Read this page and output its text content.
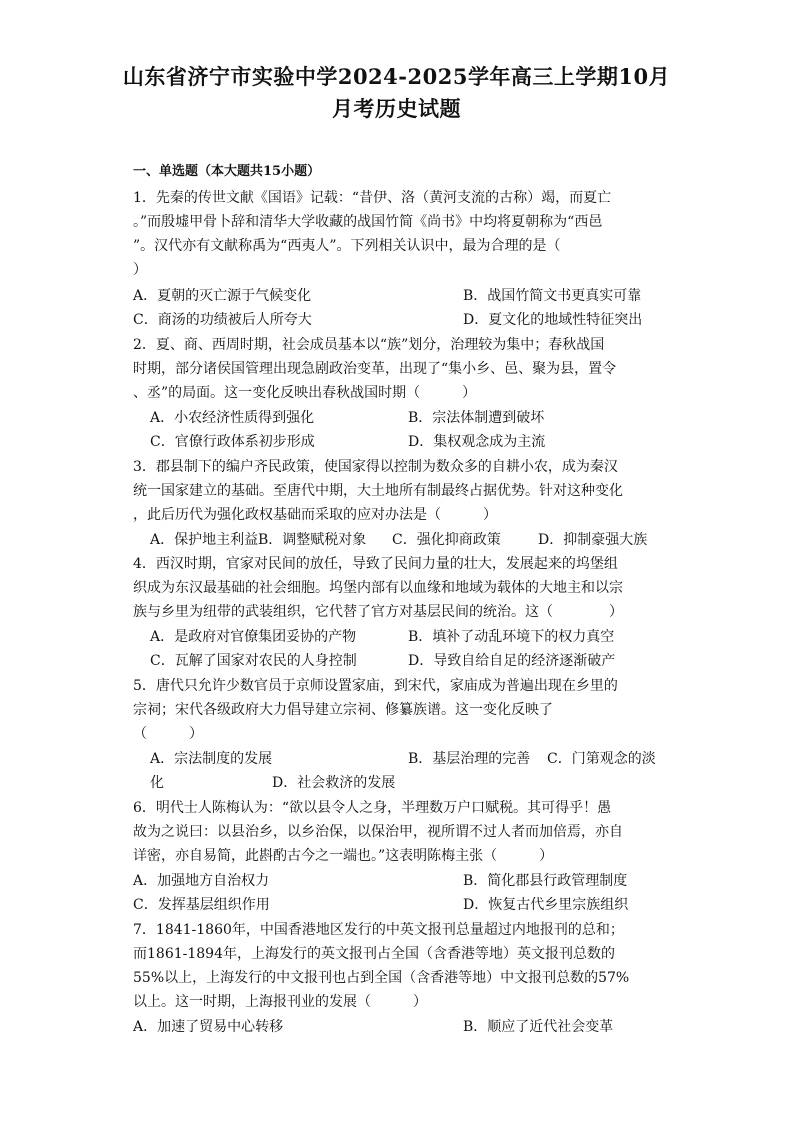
山东省济宁市实验中学2024-2025学年高三上学期10月
月考历史试题
一、单选题（本大题共15小题）
1．先秦的传世文献《国语》记载：“昔伊、洛（黄河支流的古称）竭，而夏亡
。”而殷墟甲骨卜辞和清华大学收藏的战国竹简《尚书》中均将夏朝称为“西邑
”。汉代亦有文献称禹为“西夷人”。下列相关认识中，最为合理的是（
）
A．夏朝的灭亡源于气候变化	B．战国竹简文书更真实可靠
C．商汤的功绩被后人所夸大	D．夏文化的地域性特征突出
2．夏、商、西周时期，社会成员基本以“族”划分，治理较为集中；春秋战国
时期，部分诸侯国管理出现急剧政治变革，出现了“集小乡、邑、聚为县，置令
、丞”的局面。这一变化反映出春秋战国时期（　　　）
A．小农经济性质得到强化	B．宗法体制遭到破坏
C．官僚行政体系初步形成	D．集权观念成为主流
3．郡县制下的编户齐民政策，使国家得以控制为数众多的自耕小农，成为秦汉
统一国家建立的基础。至唐代中期，大土地所有制最终占据优势。针对这种变化
，此后历代为强化政权基础而采取的应对办法是（　　　）
A．保护地主利益 B．调整赋税对象 C．强化抑商政策	D．抑制豪强大族
4．西汉时期，官家对民间的放任，导致了民间力量的壮大，发展起来的坞堡组
织成为东汉最基础的社会细胞。坞堡内部有以血缘和地域为载体的大地主和以宗
族与乡里为纽带的武装组织，它代替了官方对基层民间的统治。这（　　　　）
A．是政府对官僚集团妥协的产物	B．填补了动乱环境下的权力真空
C．瓦解了国家对农民的人身控制	D．导致自给自足的经济逐渐破产
5．唐代只允许少数官员于京师设置家庙，到宋代，家庙成为普遍出现在乡里的
宗祠；宋代各级政府大力倡导建立宗祠、修纂族谱。这一变化反映了
（　　　）
A．宗法制度的发展	B．基层治理的完善 C．门第观念的淡
化	D．社会救济的发展
6．明代士人陈梅认为：“欲以县令人之身，半理数万户口赋税。其可得乎！愚
故为之说曰：以县治乡，以乡治保，以保治甲，视所谓不过人者而加倍焉，亦自
详密，亦自易简，此斟酌古今之一端也。”这表明陈梅主张（　　　）
A．加强地方自治权力	B．简化郡县行政管理制度
C．发挥基层组织作用	D．恢复古代乡里宗族组织
7．1841-1860年，中国香港地区发行的中英文报刊总量超过内地报刊的总和；
而1861-1894年，上海发行的英文报刊占全国（含香港等地）英文报刊总数的
55%以上，上海发行的中文报刊也占到全国（含香港等地）中文报刊总数的57%
以上。这一时期，上海报刊业的发展（　　　）
A．加速了贸易中心转移	B．顺应了近代社会变革
